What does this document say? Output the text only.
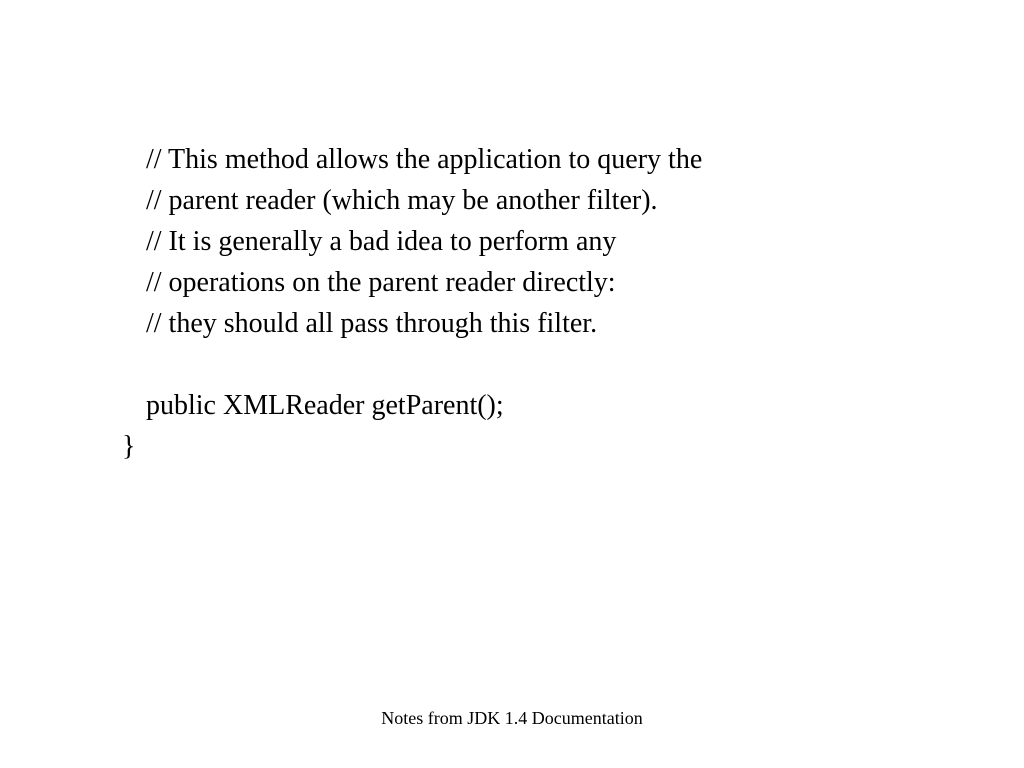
// This method allows the application to query the
// parent reader (which may be another filter).
// It is generally a bad idea to perform any
// operations on the parent reader directly:
// they should all pass through this filter.
public XMLReader getParent();
}
Notes from JDK 1.4 Documentation
